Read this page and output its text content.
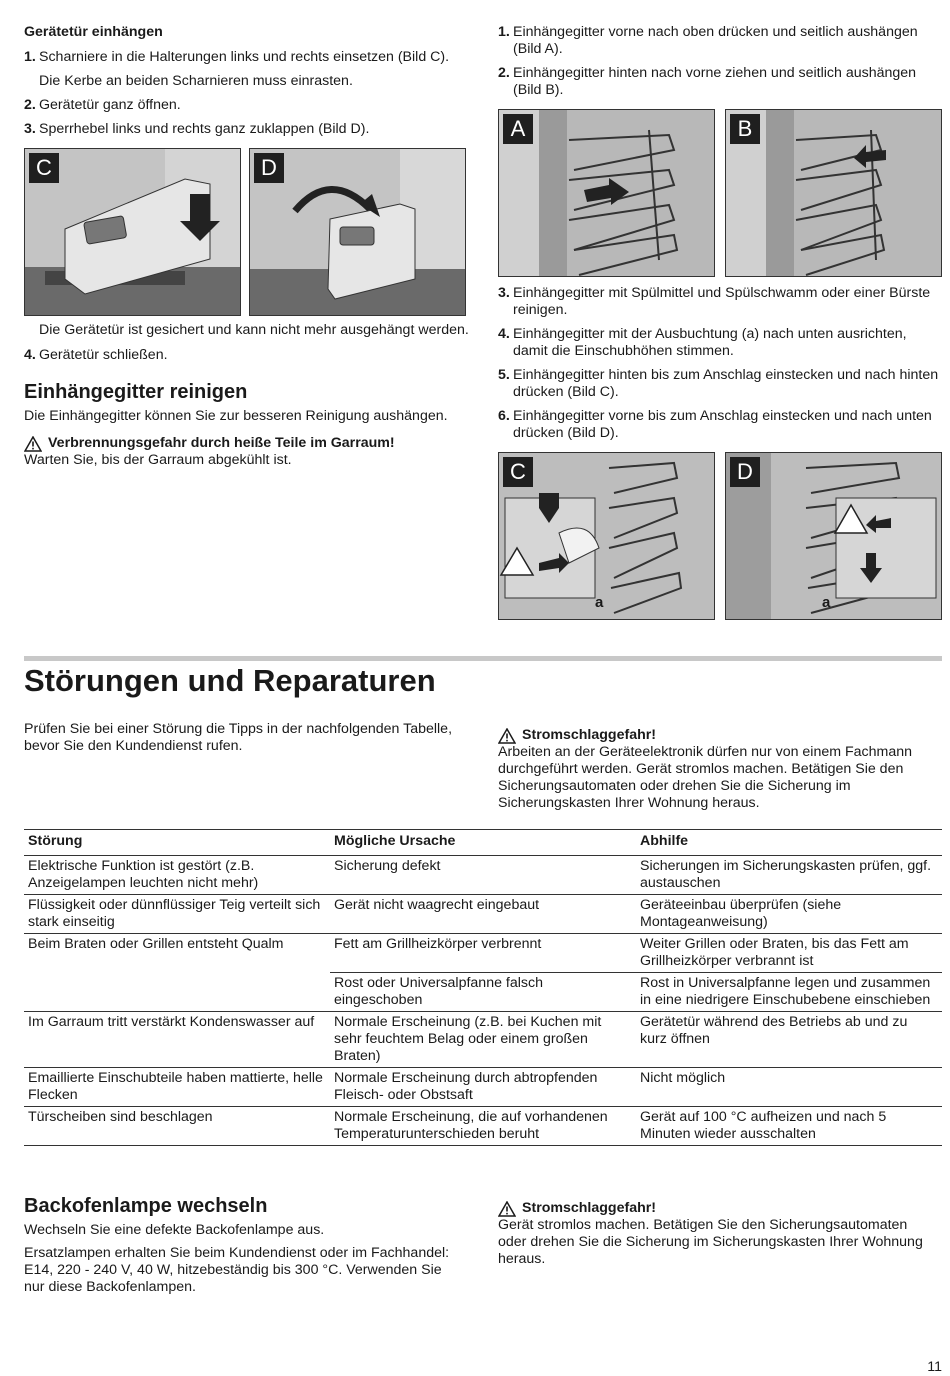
Gerätetür einhängen

1. Scharniere in die Halterungen links und rechts einsetzen (Bild C).
Die Kerbe an beiden Scharnieren muss einrasten.
2. Gerätetür ganz öffnen.
3. Sperrhebel links und rechts ganz zuklappen (Bild D).
C	D

Die Gerätetür ist gesichert und kann nicht mehr ausgehängt werden.

4. Gerätetür schließen.

Einhängegitter reinigen

Die Einhängegitter können Sie zur besseren Reinigung aushängen.

Verbrennungsgefahr durch heiße Teile im Garraum!

Warten Sie, bis der Garraum abgekühlt ist.

1. Einhängegitter vorne nach oben drücken und seitlich aushängen (Bild A).
2. Einhängegitter hinten nach vorne ziehen und seitlich aushängen (Bild B).
A	B
3. Einhängegitter mit Spülmittel und Spülschwamm oder einer Bürste reinigen.
4. Einhängegitter mit der Ausbuchtung (a) nach unten ausrichten, damit die Einschubhöhen stimmen.
5. Einhängegitter hinten bis zum Anschlag einstecken und nach hinten drücken (Bild C).
6. Einhängegitter vorne bis zum Anschlag einstecken und nach unten drücken (Bild D).
C
a
D
a
Störungen und Reparaturen

Prüfen Sie bei einer Störung die Tipps in der nachfolgenden Tabelle, bevor Sie den Kundendienst rufen.

Stromschlaggefahr!

Arbeiten an der Geräteelektronik dürfen nur von einem Fachmann durchgeführt werden. Gerät stromlos machen. Betätigen Sie den Sicherungsautomaten oder drehen Sie die Sicherung im Sicherungskasten Ihrer Wohnung heraus.

Störung	Mögliche Ursache	Abhilfe
Elektrische Funktion ist gestört (z.B. Anzeigelampen leuchten nicht mehr)	Sicherung defekt	Sicherungen im Sicherungskasten prüfen, ggf. austauschen
Flüssigkeit oder dünnflüssiger Teig verteilt sich stark einseitig	Gerät nicht waagrecht eingebaut	Geräteeinbau überprüfen (siehe Montageanweisung)
Beim Braten oder Grillen entsteht Qualm	Fett am Grillheizkörper verbrennt	Weiter Grillen oder Braten, bis das Fett am Grillheizkörper verbrannt ist
	Rost oder Universalpfanne falsch eingeschoben	Rost in Universalpfanne legen und zusammen in eine niedrigere Einschubebene einschieben
Im Garraum tritt verstärkt Kondenswasser auf	Normale Erscheinung (z.B. bei Kuchen mit sehr feuchtem Belag oder einem großen Braten)	Gerätetür während des Betriebs ab und zu kurz öffnen
Emaillierte Einschubteile haben mattierte, helle Flecken	Normale Erscheinung durch abtropfenden Fleisch- oder Obstsaft	Nicht möglich
Türscheiben sind beschlagen	Normale Erscheinung, die auf vorhandenen Temperaturunterschieden beruht	Gerät auf 100 °C aufheizen und nach 5 Minuten wieder ausschalten

Backofenlampe wechseln

Wechseln Sie eine defekte Backofenlampe aus.

Ersatzlampen erhalten Sie beim Kundendienst oder im Fachhandel: E14, 220 - 240 V, 40 W, hitzebeständig bis 300 °C. Verwenden Sie nur diese Backofenlampen.

Stromschlaggefahr!

Gerät stromlos machen. Betätigen Sie den Sicherungsautomaten oder drehen Sie die Sicherung im Sicherungskasten Ihrer Wohnung heraus.

11
